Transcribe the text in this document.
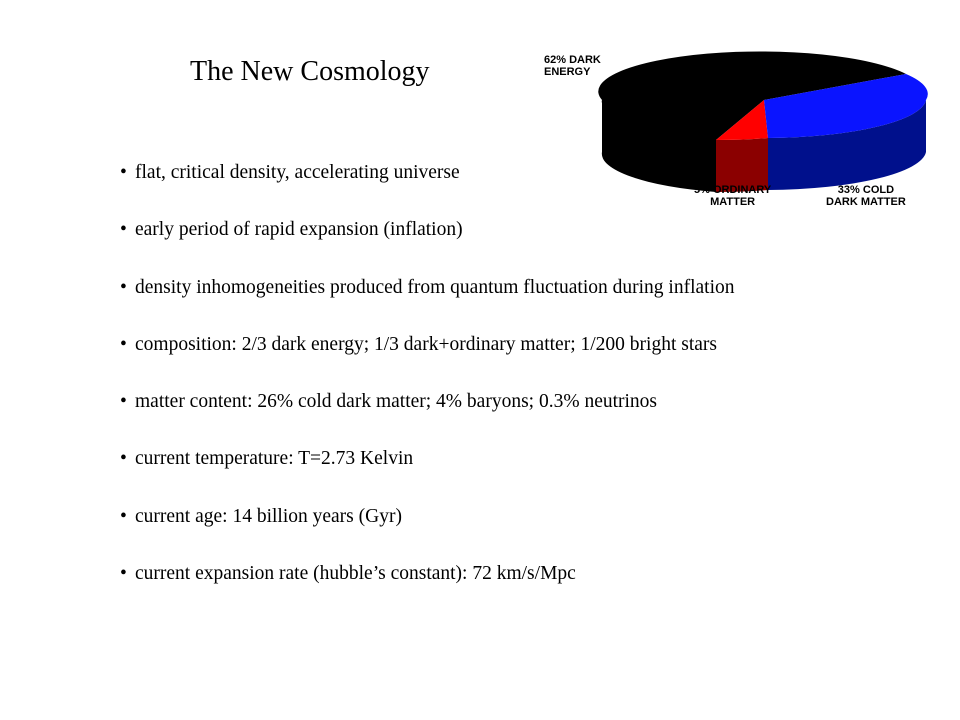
The New Cosmology	62% DARK
ENERGY
5% ORDINARY
MATTER
33% COLD
DARK MATTER
• flat, critical density, accelerating universe
• early period of rapid expansion (inflation)
• density inhomogeneities produced from quantum fluctuation during inflation
• composition: 2/3 dark energy; 1/3 dark+ordinary matter; 1/200 bright stars
• matter content: 26% cold dark matter; 4% baryons; 0.3% neutrinos
• current temperature: T=2.73 Kelvin
• current age: 14 billion years (Gyr)
• current expansion rate (hubble’s constant): 72 km/s/Mpc
